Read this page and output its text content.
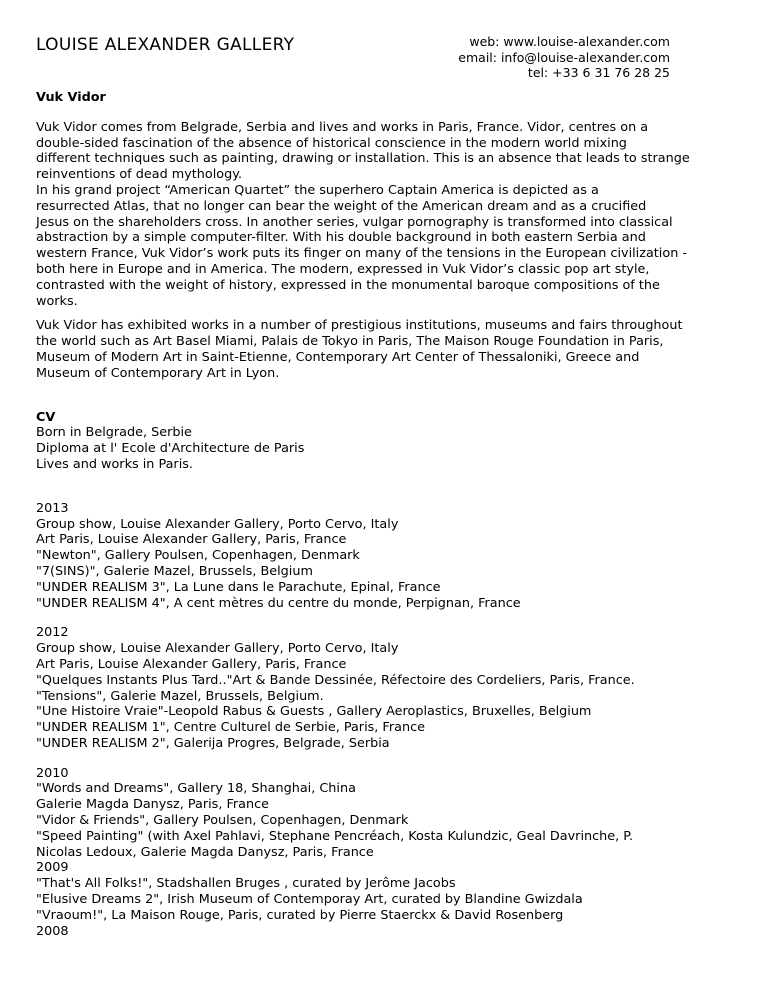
LOUISE ALEXANDER GALLERY	web: www.louise-alexander.com
email: info@louise-alexander.com
tel: +33 6 31 76 28 25

Vuk Vidor

Vuk Vidor comes from Belgrade, Serbia and lives and works in Paris, France. Vidor, centres on a
double-sided fascination of the absence of historical conscience in the modern world mixing
different techniques such as painting, drawing or installation. This is an absence that leads to strange
reinventions of dead mythology.
In his grand project “American Quartet” the superhero Captain America is depicted as a
resurrected Atlas, that no longer can bear the weight of the American dream and as a crucified
Jesus on the shareholders cross. In another series, vulgar pornography is transformed into classical
abstraction by a simple computer-filter. With his double background in both eastern Serbia and
western France, Vuk Vidor’s work puts its finger on many of the tensions in the European civilization -
both here in Europe and in America. The modern, expressed in Vuk Vidor’s classic pop art style,
contrasted with the weight of history, expressed in the monumental baroque compositions of the
works.
Vuk Vidor has exhibited works in a number of prestigious institutions, museums and fairs throughout
the world such as Art Basel Miami, Palais de Tokyo in Paris, The Maison Rouge Foundation in Paris,
Museum of Modern Art in Saint-Etienne, Contemporary Art Center of Thessaloniki, Greece and
Museum of Contemporary Art in Lyon.

CV

Born in Belgrade, Serbie
Diploma at l' Ecole d'Architecture de Paris
Lives and works in Paris.
2013
Group show, Louise Alexander Gallery, Porto Cervo, Italy
Art Paris, Louise Alexander Gallery, Paris, France
"Newton", Gallery Poulsen, Copenhagen, Denmark
"7(SINS)", Galerie Mazel, Brussels, Belgium
"UNDER REALISM 3", La Lune dans le Parachute, Epinal, France
"UNDER REALISM 4", A cent mètres du centre du monde, Perpignan, France
2012
Group show, Louise Alexander Gallery, Porto Cervo, Italy
Art Paris, Louise Alexander Gallery, Paris, France
"Quelques Instants Plus Tard.."Art & Bande Dessinée, Réfectoire des Cordeliers, Paris, France.
"Tensions", Galerie Mazel, Brussels, Belgium.
"Une Histoire Vraie"-Leopold Rabus & Guests , Gallery Aeroplastics, Bruxelles, Belgium
"UNDER REALISM 1", Centre Culturel de Serbie, Paris, France
"UNDER REALISM 2", Galerija Progres, Belgrade, Serbia
2010
"Words and Dreams", Gallery 18, Shanghai, China
Galerie Magda Danysz, Paris, France
"Vidor & Friends", Gallery Poulsen, Copenhagen, Denmark
"Speed Painting" (with Axel Pahlavi, Stephane Pencréach, Kosta Kulundzic, Geal Davrinche, P.
Nicolas Ledoux, Galerie Magda Danysz, Paris, France
2009
"That's All Folks!", Stadshallen Bruges , curated by Jerôme Jacobs
"Elusive Dreams 2", Irish Museum of Contemporay Art, curated by Blandine Gwizdala
"Vraoum!", La Maison Rouge, Paris, curated by Pierre Staerckx & David Rosenberg
2008
